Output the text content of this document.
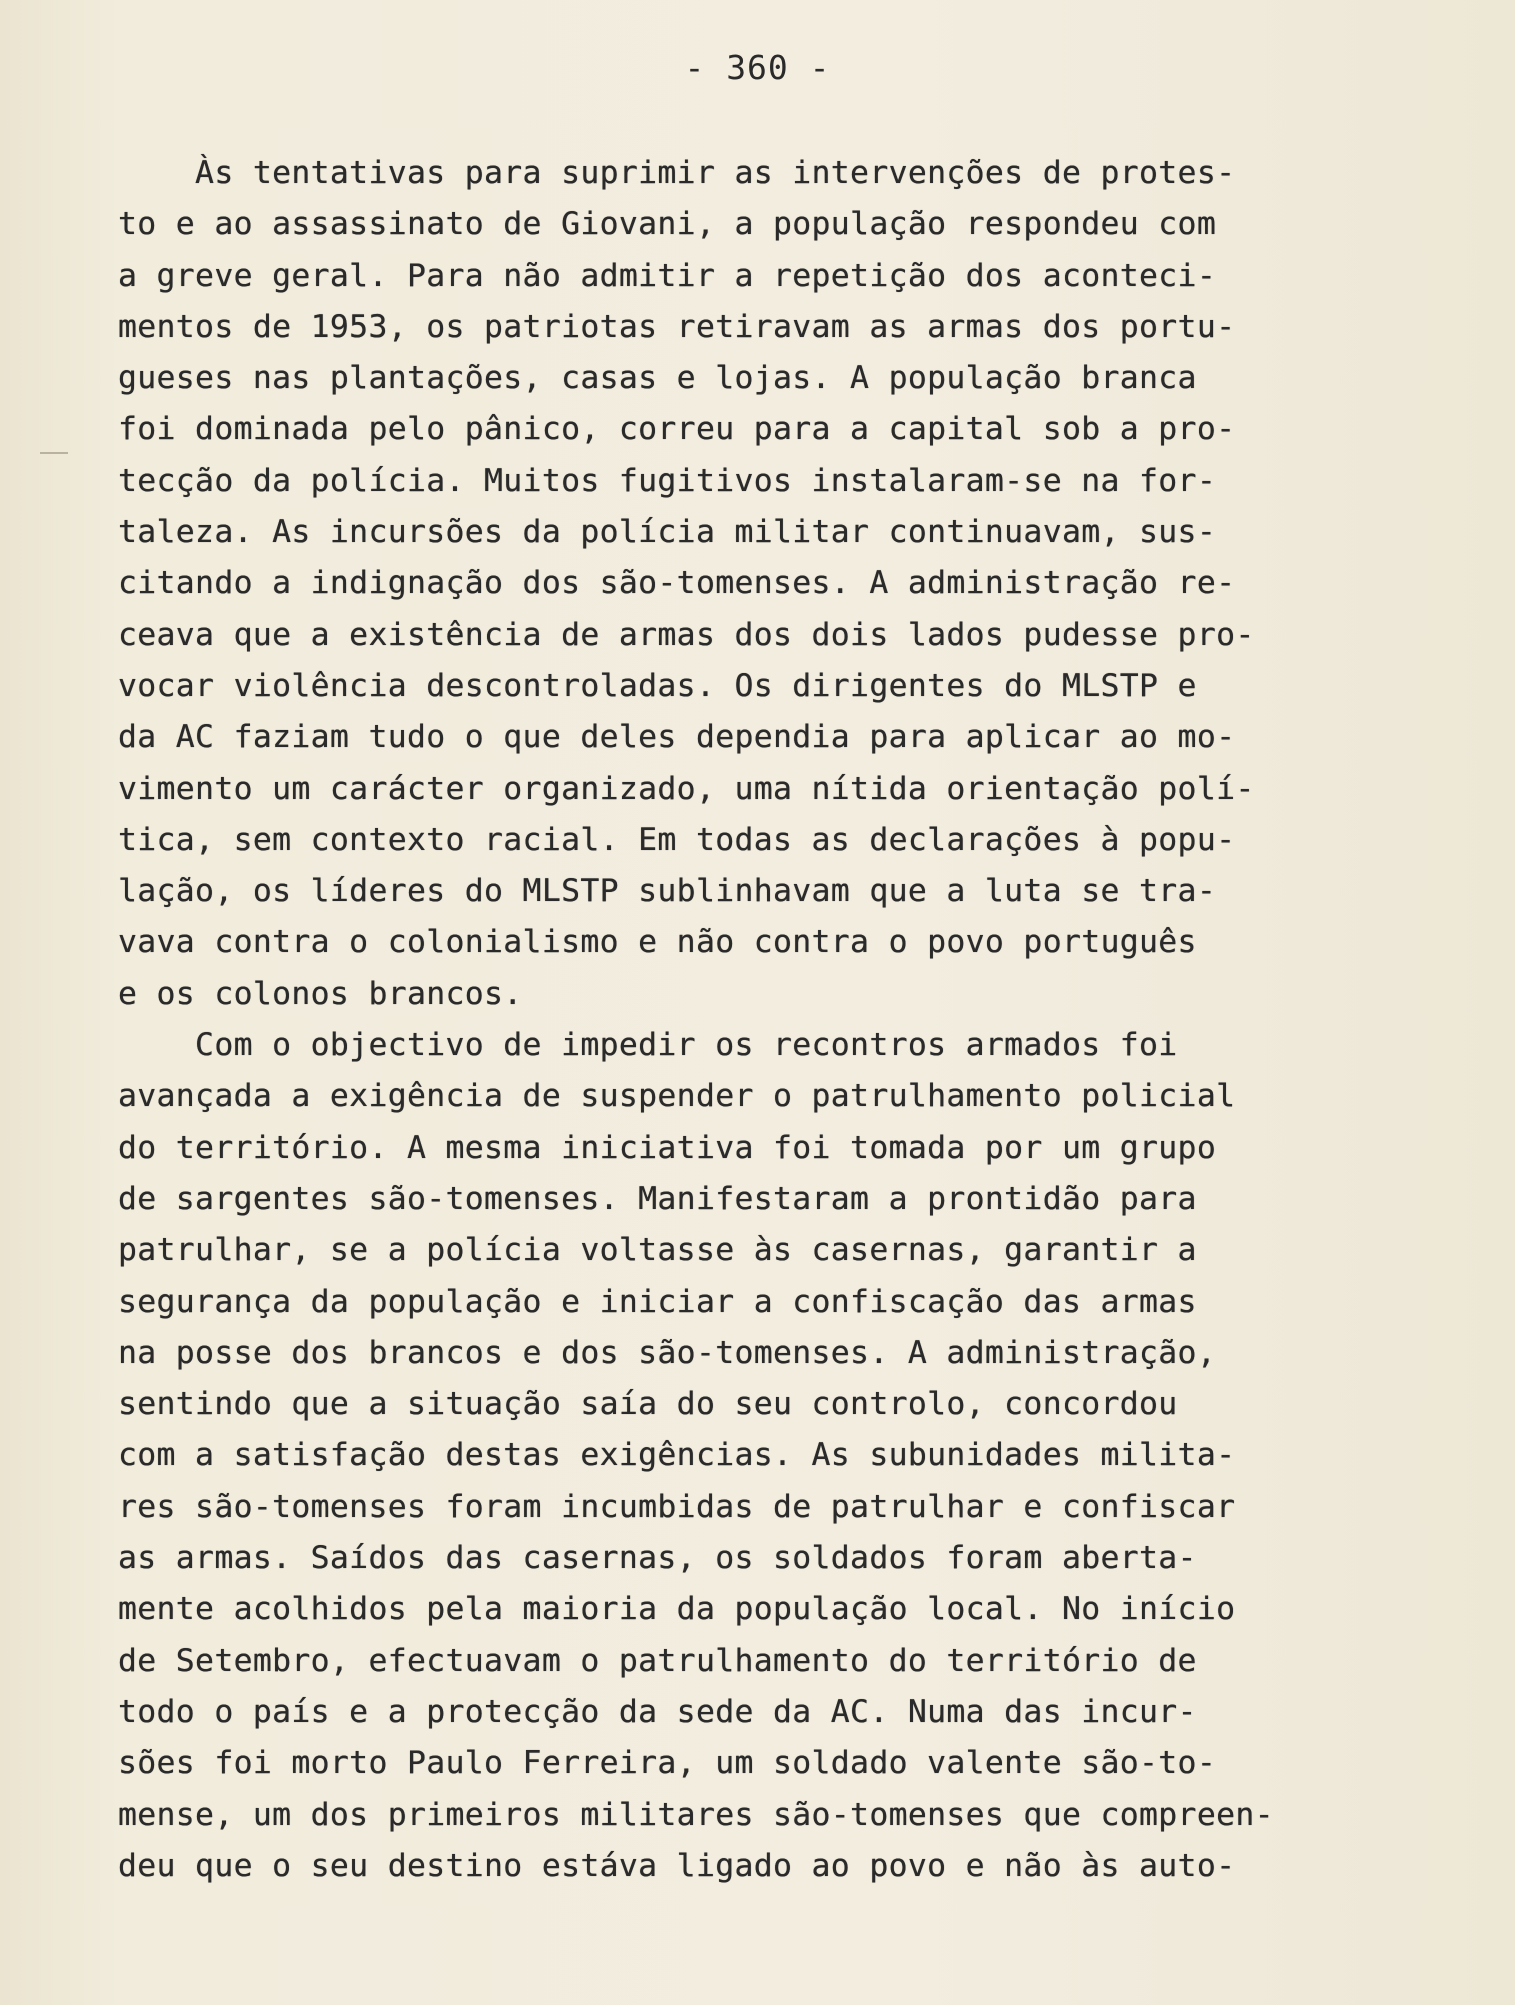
- 360 -
Às tentativas para suprimir as intervenções de protes-
to e ao assassinato de Giovani, a população respondeu com
a greve geral. Para não admitir a repetição dos aconteci-
mentos de 1953, os patriotas retiravam as armas dos portu-
gueses nas plantações, casas e lojas. A população branca
foi dominada pelo pânico, correu para a capital sob a pro-
tecção da polícia. Muitos fugitivos instalaram-se na for-
taleza. As incursões da polícia militar continuavam, sus-
citando a indignação dos são-tomenses. A administração re-
ceava que a existência de armas dos dois lados pudesse pro-
vocar violência descontroladas. Os dirigentes do MLSTP e
da AC faziam tudo o que deles dependia para aplicar ao mo-
vimento um carácter organizado, uma nítida orientação polí-
tica, sem contexto racial. Em todas as declarações à popu-
lação, os líderes do MLSTP sublinhavam que a luta se tra-
vava contra o colonialismo e não contra o povo português
e os colonos brancos.
Com o objectivo de impedir os recontros armados foi
avançada a exigência de suspender o patrulhamento policial
do território. A mesma iniciativa foi tomada por um grupo
de sargentes são-tomenses. Manifestaram a prontidão para
patrulhar, se a polícia voltasse às casernas, garantir a
segurança da população e iniciar a confiscação das armas
na posse dos brancos e dos são-tomenses. A administração,
sentindo que a situação saía do seu controlo, concordou
com a satisfação destas exigências. As subunidades milita-
res são-tomenses foram incumbidas de patrulhar e confiscar
as armas. Saídos das casernas, os soldados foram aberta-
mente acolhidos pela maioria da população local. No início
de Setembro, efectuavam o patrulhamento do território de
todo o país e a protecção da sede da AC. Numa das incur-
sões foi morto Paulo Ferreira, um soldado valente são-to-
mense, um dos primeiros militares são-tomenses que compreen-
deu que o seu destino estáva ligado ao povo e não às auto-
